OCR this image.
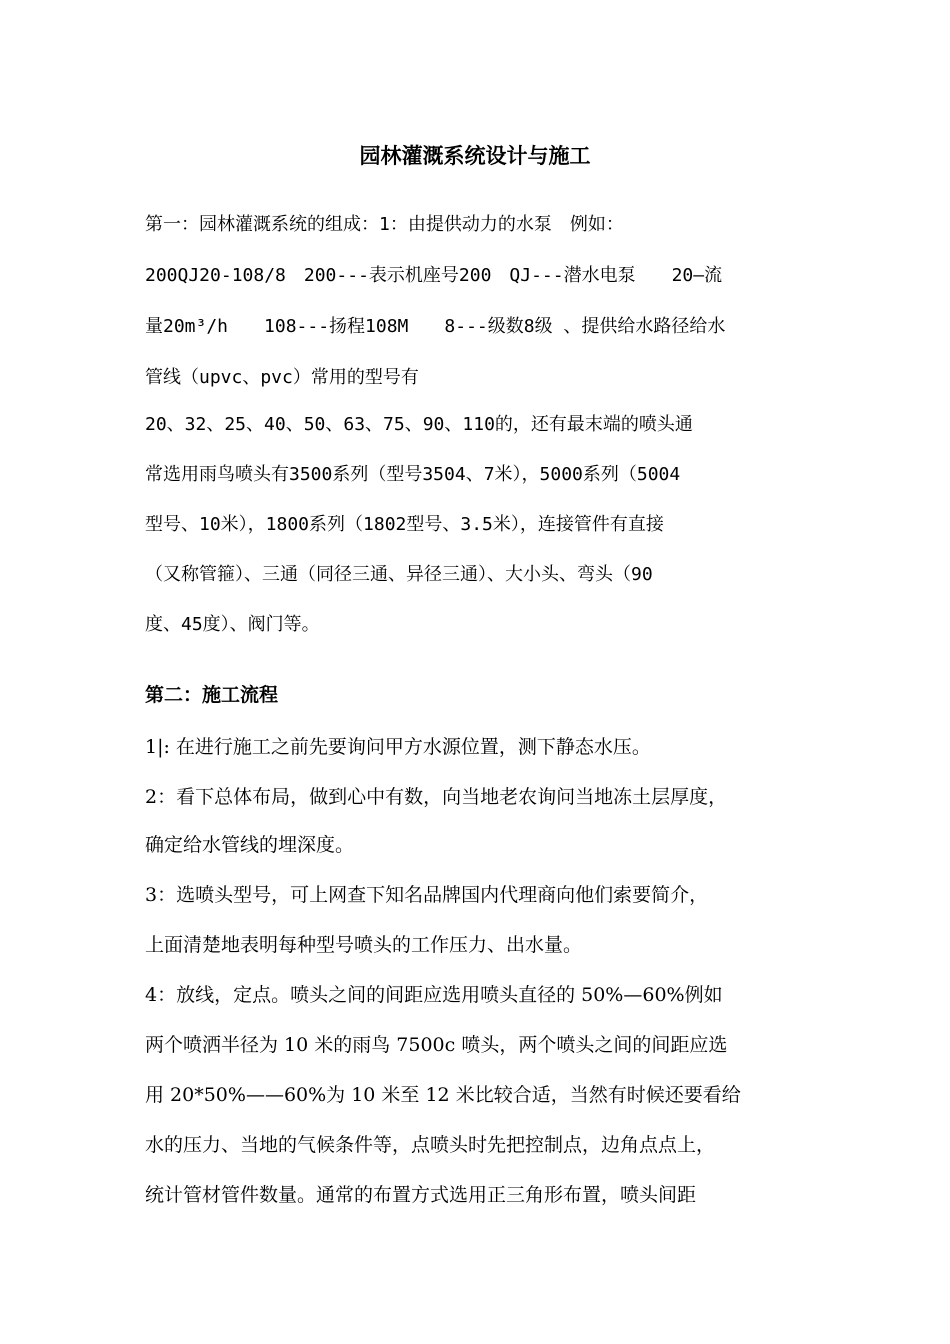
园林灌溉系统设计与施工
第一：园林灌溉系统的组成：1：由提供动力的水泵　例如：
200QJ20-108/8　200---表示机座号200　QJ---潜水电泵　　20—流
量20m³/h　　108---扬程108M　　8---级数8级 、提供给水路径给水
管线（upvc、pvc）常用的型号有
20、32、25、40、50、63、75、90、110的，还有最末端的喷头通
常选用雨鸟喷头有3500系列（型号3504、7米），5000系列（5004
型号、10米），1800系列（1802型号、3.5米），连接管件有直接
（又称管箍）、三通（同径三通、异径三通）、大小头、弯头（90
度、45度）、阀门等。
第二：施工流程
1|: 在进行施工之前先要询问甲方水源位置，测下静态水压。
2：看下总体布局，做到心中有数，向当地老农询问当地冻土层厚度，
确定给水管线的埋深度。
3：选喷头型号，可上网查下知名品牌国内代理商向他们索要简介，
上面清楚地表明每种型号喷头的工作压力、出水量。
4：放线，定点。喷头之间的间距应选用喷头直径的 50%—60%例如
两个喷洒半径为 10 米的雨鸟 7500c 喷头，两个喷头之间的间距应选
用 20*50%——60%为 10 米至 12 米比较合适，当然有时候还要看给
水的压力、当地的气候条件等，点喷头时先把控制点，边角点点上，
统计管材管件数量。通常的布置方式选用正三角形布置，喷头间距
